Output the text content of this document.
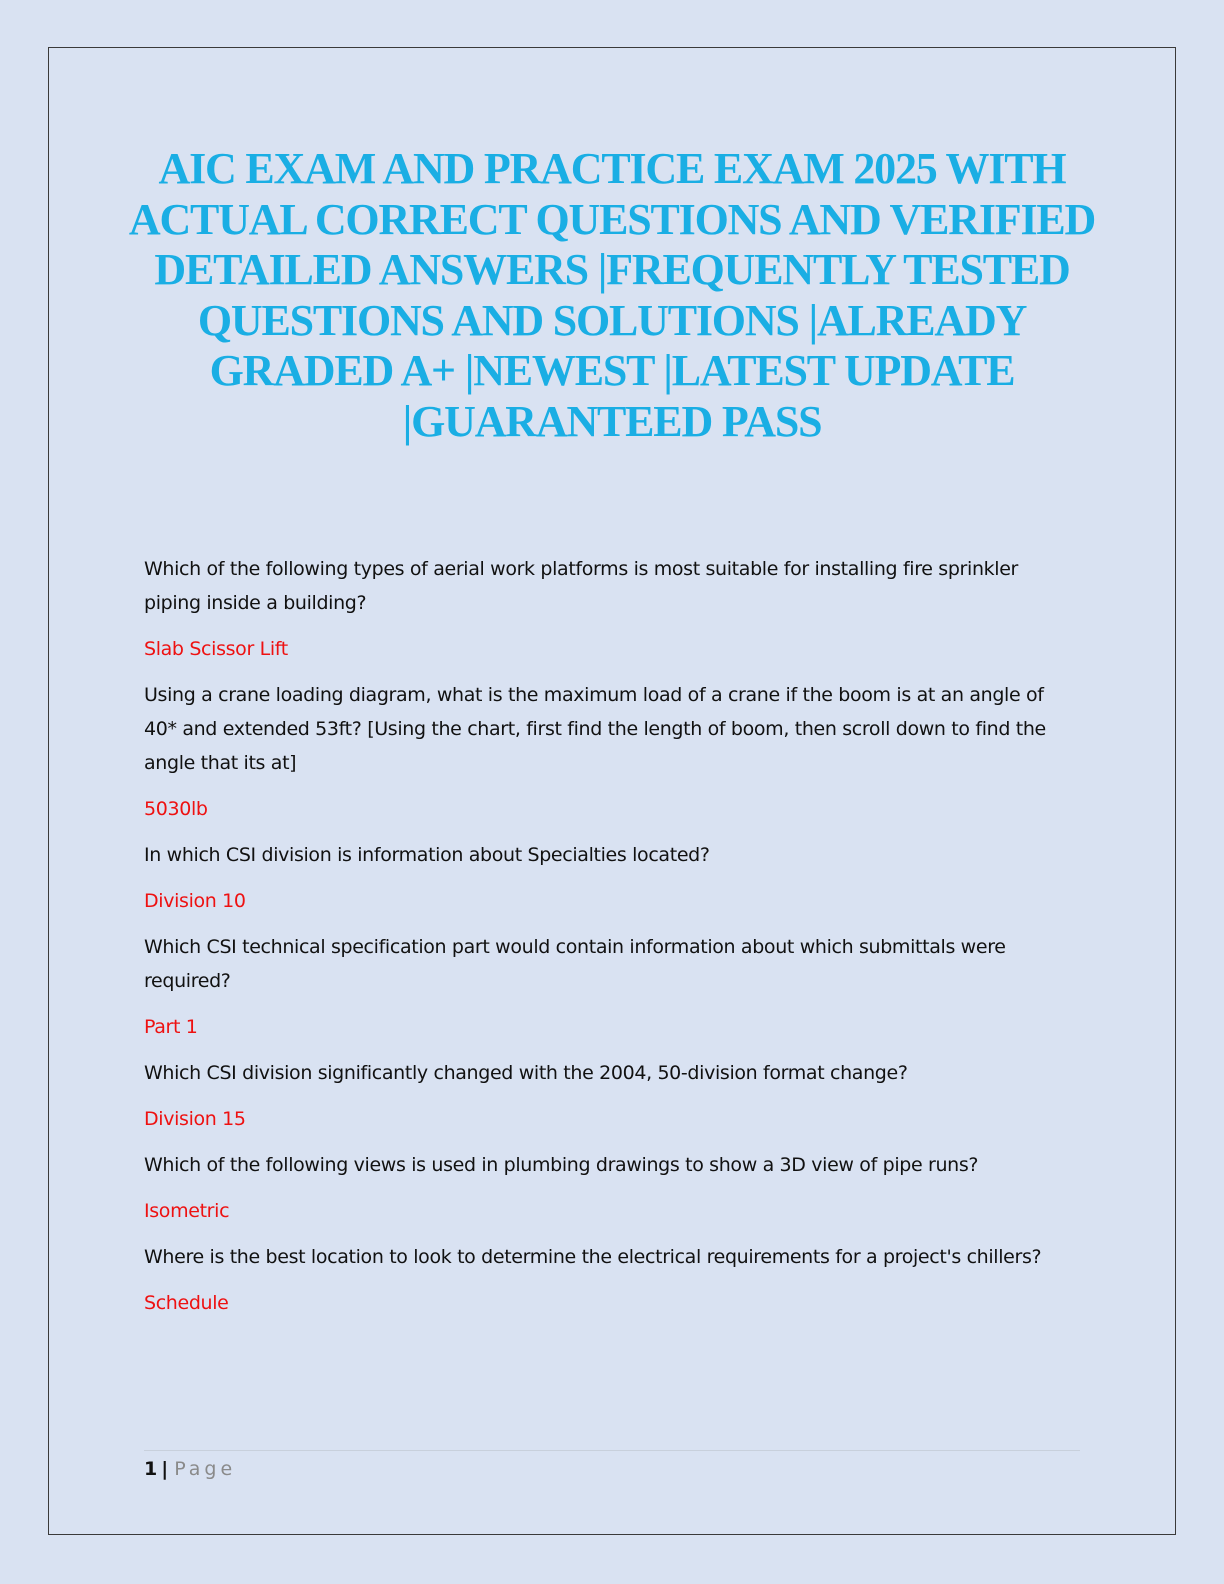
AIC EXAM AND PRACTICE EXAM 2025 WITH ACTUAL CORRECT QUESTIONS AND VERIFIED DETAILED ANSWERS |FREQUENTLY TESTED QUESTIONS AND SOLUTIONS |ALREADY GRADED A+ |NEWEST |LATEST UPDATE |GUARANTEED PASS

Which of the following types of aerial work platforms is most suitable for installing fire sprinkler piping inside a building?

Slab Scissor Lift

Using a crane loading diagram, what is the maximum load of a crane if the boom is at an angle of 40* and extended 53ft? [Using the chart, first find the length of boom, then scroll down to find the angle that its at]

5030lb

In which CSI division is information about Specialties located?

Division 10

Which CSI technical specification part would contain information about which submittals were required?

Part 1

Which CSI division significantly changed with the 2004, 50-division format change?

Division 15

Which of the following views is used in plumbing drawings to show a 3D view of pipe runs?

Isometric

Where is the best location to look to determine the electrical requirements for a project's chillers?

Schedule

1 | Page
